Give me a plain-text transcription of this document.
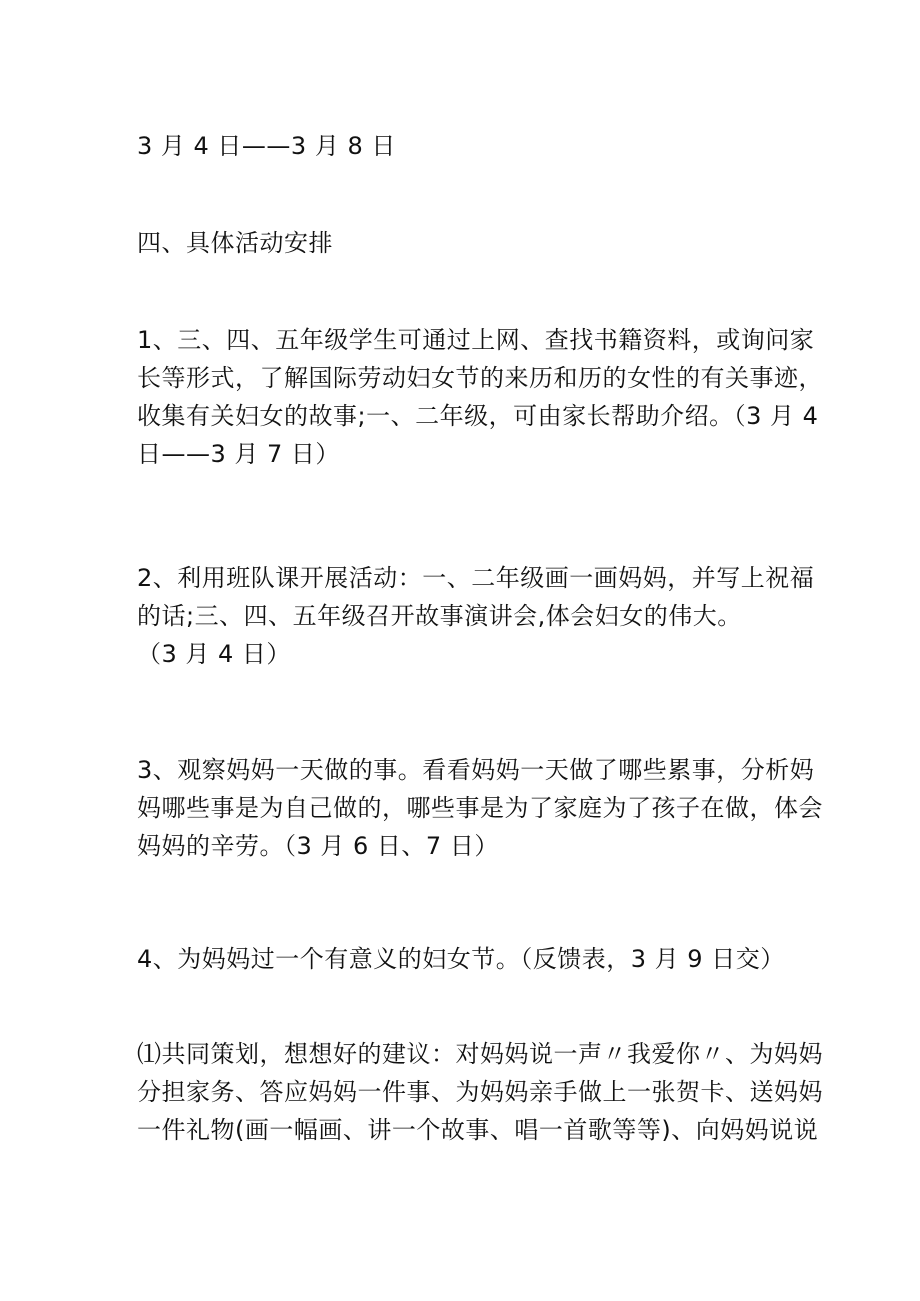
3 月 4 日——3 月 8 日

四、具体活动安排

1、三、四、五年级学生可通过上网、查找书籍资料，或询问家
长等形式，了解国际劳动妇女节的来历和历的女性的有关事迹，
收集有关妇女的故事;一、二年级，可由家长帮助介绍。（3 月 4
日——3 月 7 日）

2、利用班队课开展活动：一、二年级画一画妈妈，并写上祝福
的话;三、四、五年级召开故事演讲会,体会妇女的伟大。
（3 月 4 日）

3、观察妈妈一天做的事。看看妈妈一天做了哪些累事，分析妈
妈哪些事是为自己做的，哪些事是为了家庭为了孩子在做，体会
妈妈的辛劳。（3 月 6 日、7 日）

4、为妈妈过一个有意义的妇女节。（反馈表，3 月 9 日交）

⑴共同策划，想想好的建议：对妈妈说一声〃我爱你〃、为妈妈
分担家务、答应妈妈一件事、为妈妈亲手做上一张贺卡、送妈妈
一件礼物(画一幅画、讲一个故事、唱一首歌等等)、向妈妈说说
